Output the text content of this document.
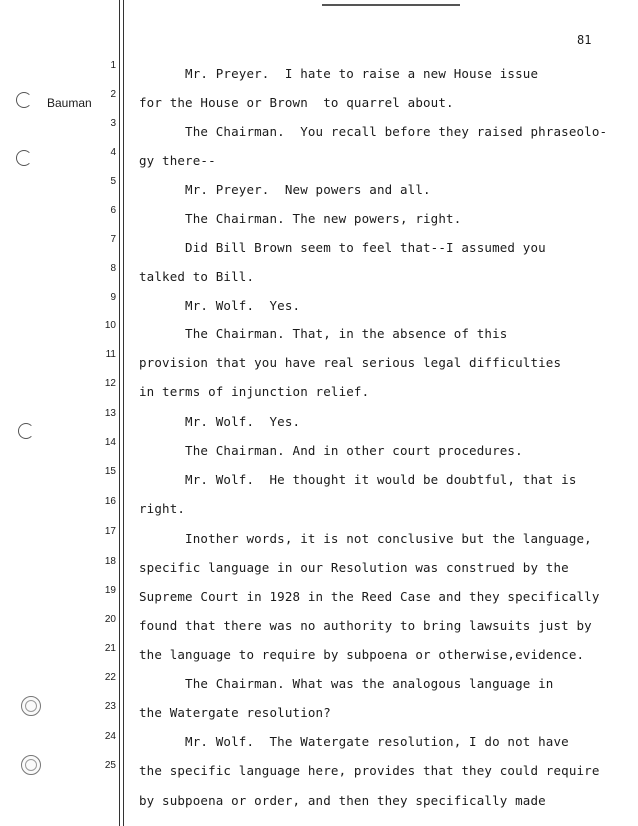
81
Bauman
1
2
3
4
5
6
7
8
9
10
11
12
13
14
15
16
17
18
19
20
21
22
23
24
25
Mr. Preyer.  I hate to raise a new House issue
for the House or Brown  to quarrel about.
The Chairman.  You recall before they raised phraseolo-
gy there--
Mr. Preyer.  New powers and all.
The Chairman. The new powers, right.
Did Bill Brown seem to feel that--I assumed you
talked to Bill.
Mr. Wolf.  Yes.
The Chairman. That, in the absence of this
provision that you have real serious legal difficulties
in terms of injunction relief.
Mr. Wolf.  Yes.
The Chairman. And in other court procedures.
Mr. Wolf.  He thought it would be doubtful, that is
right.
Inother words, it is not conclusive but the language,
specific language in our Resolution was construed by the
Supreme Court in 1928 in the Reed Case and they specifically
found that there was no authority to bring lawsuits just by
the language to require by subpoena or otherwise,evidence.
The Chairman. What was the analogous language in
the Watergate resolution?
Mr. Wolf.  The Watergate resolution, I do not have
the specific language here, provides that they could require
by subpoena or order, and then they specifically made
